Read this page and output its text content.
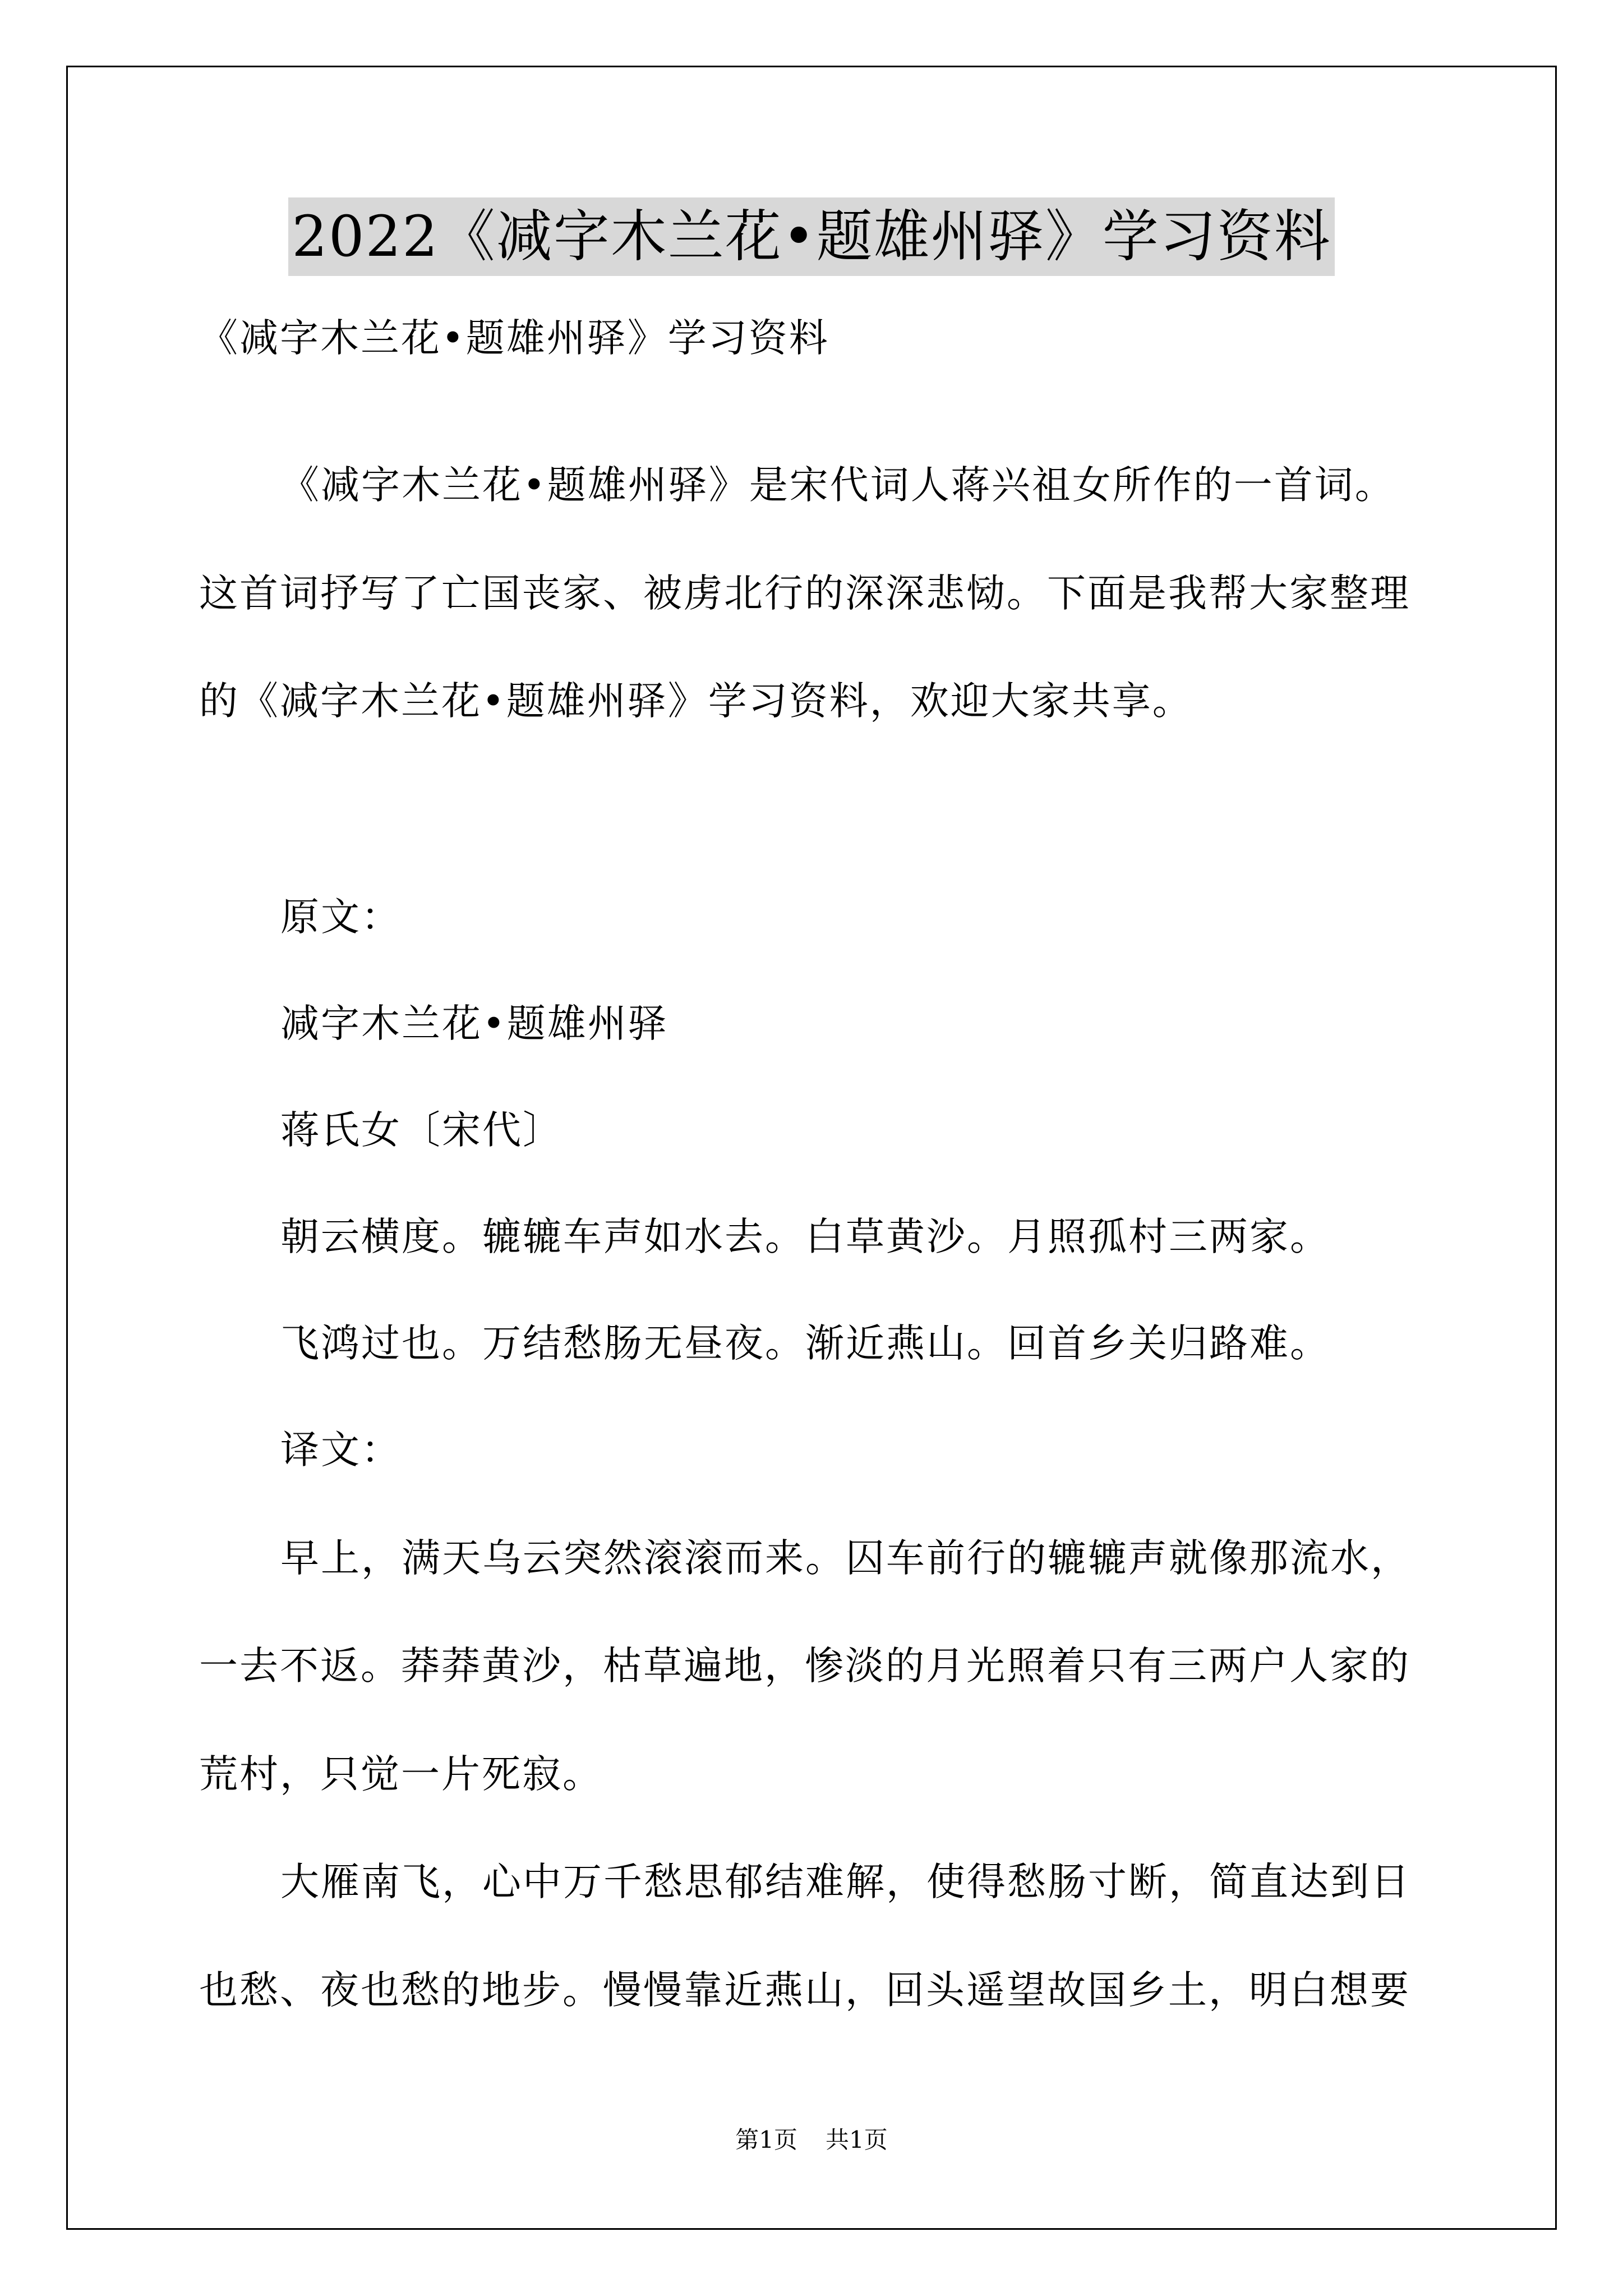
2022《减字木兰花•题雄州驿》学习资料
《减字木兰花•题雄州驿》学习资料
《减字木兰花•题雄州驿》是宋代词人蒋兴祖女所作的一首词。
这首词抒写了亡国丧家、被虏北行的深深悲恸。下面是我帮大家整理
的《减字木兰花•题雄州驿》学习资料，欢迎大家共享。
原文：
减字木兰花•题雄州驿
蒋氏女〔宋代〕
朝云横度。辘辘车声如水去。白草黄沙。月照孤村三两家。
飞鸿过也。万结愁肠无昼夜。渐近燕山。回首乡关归路难。
译文：
早上，满天乌云突然滚滚而来。囚车前行的辘辘声就像那流水，
一去不返。莽莽黄沙，枯草遍地，惨淡的月光照着只有三两户人家的
荒村，只觉一片死寂。
大雁南飞，心中万千愁思郁结难解，使得愁肠寸断，简直达到日
也愁、夜也愁的地步。慢慢靠近燕山，回头遥望故国乡土，明白想要
第1页 共1页
